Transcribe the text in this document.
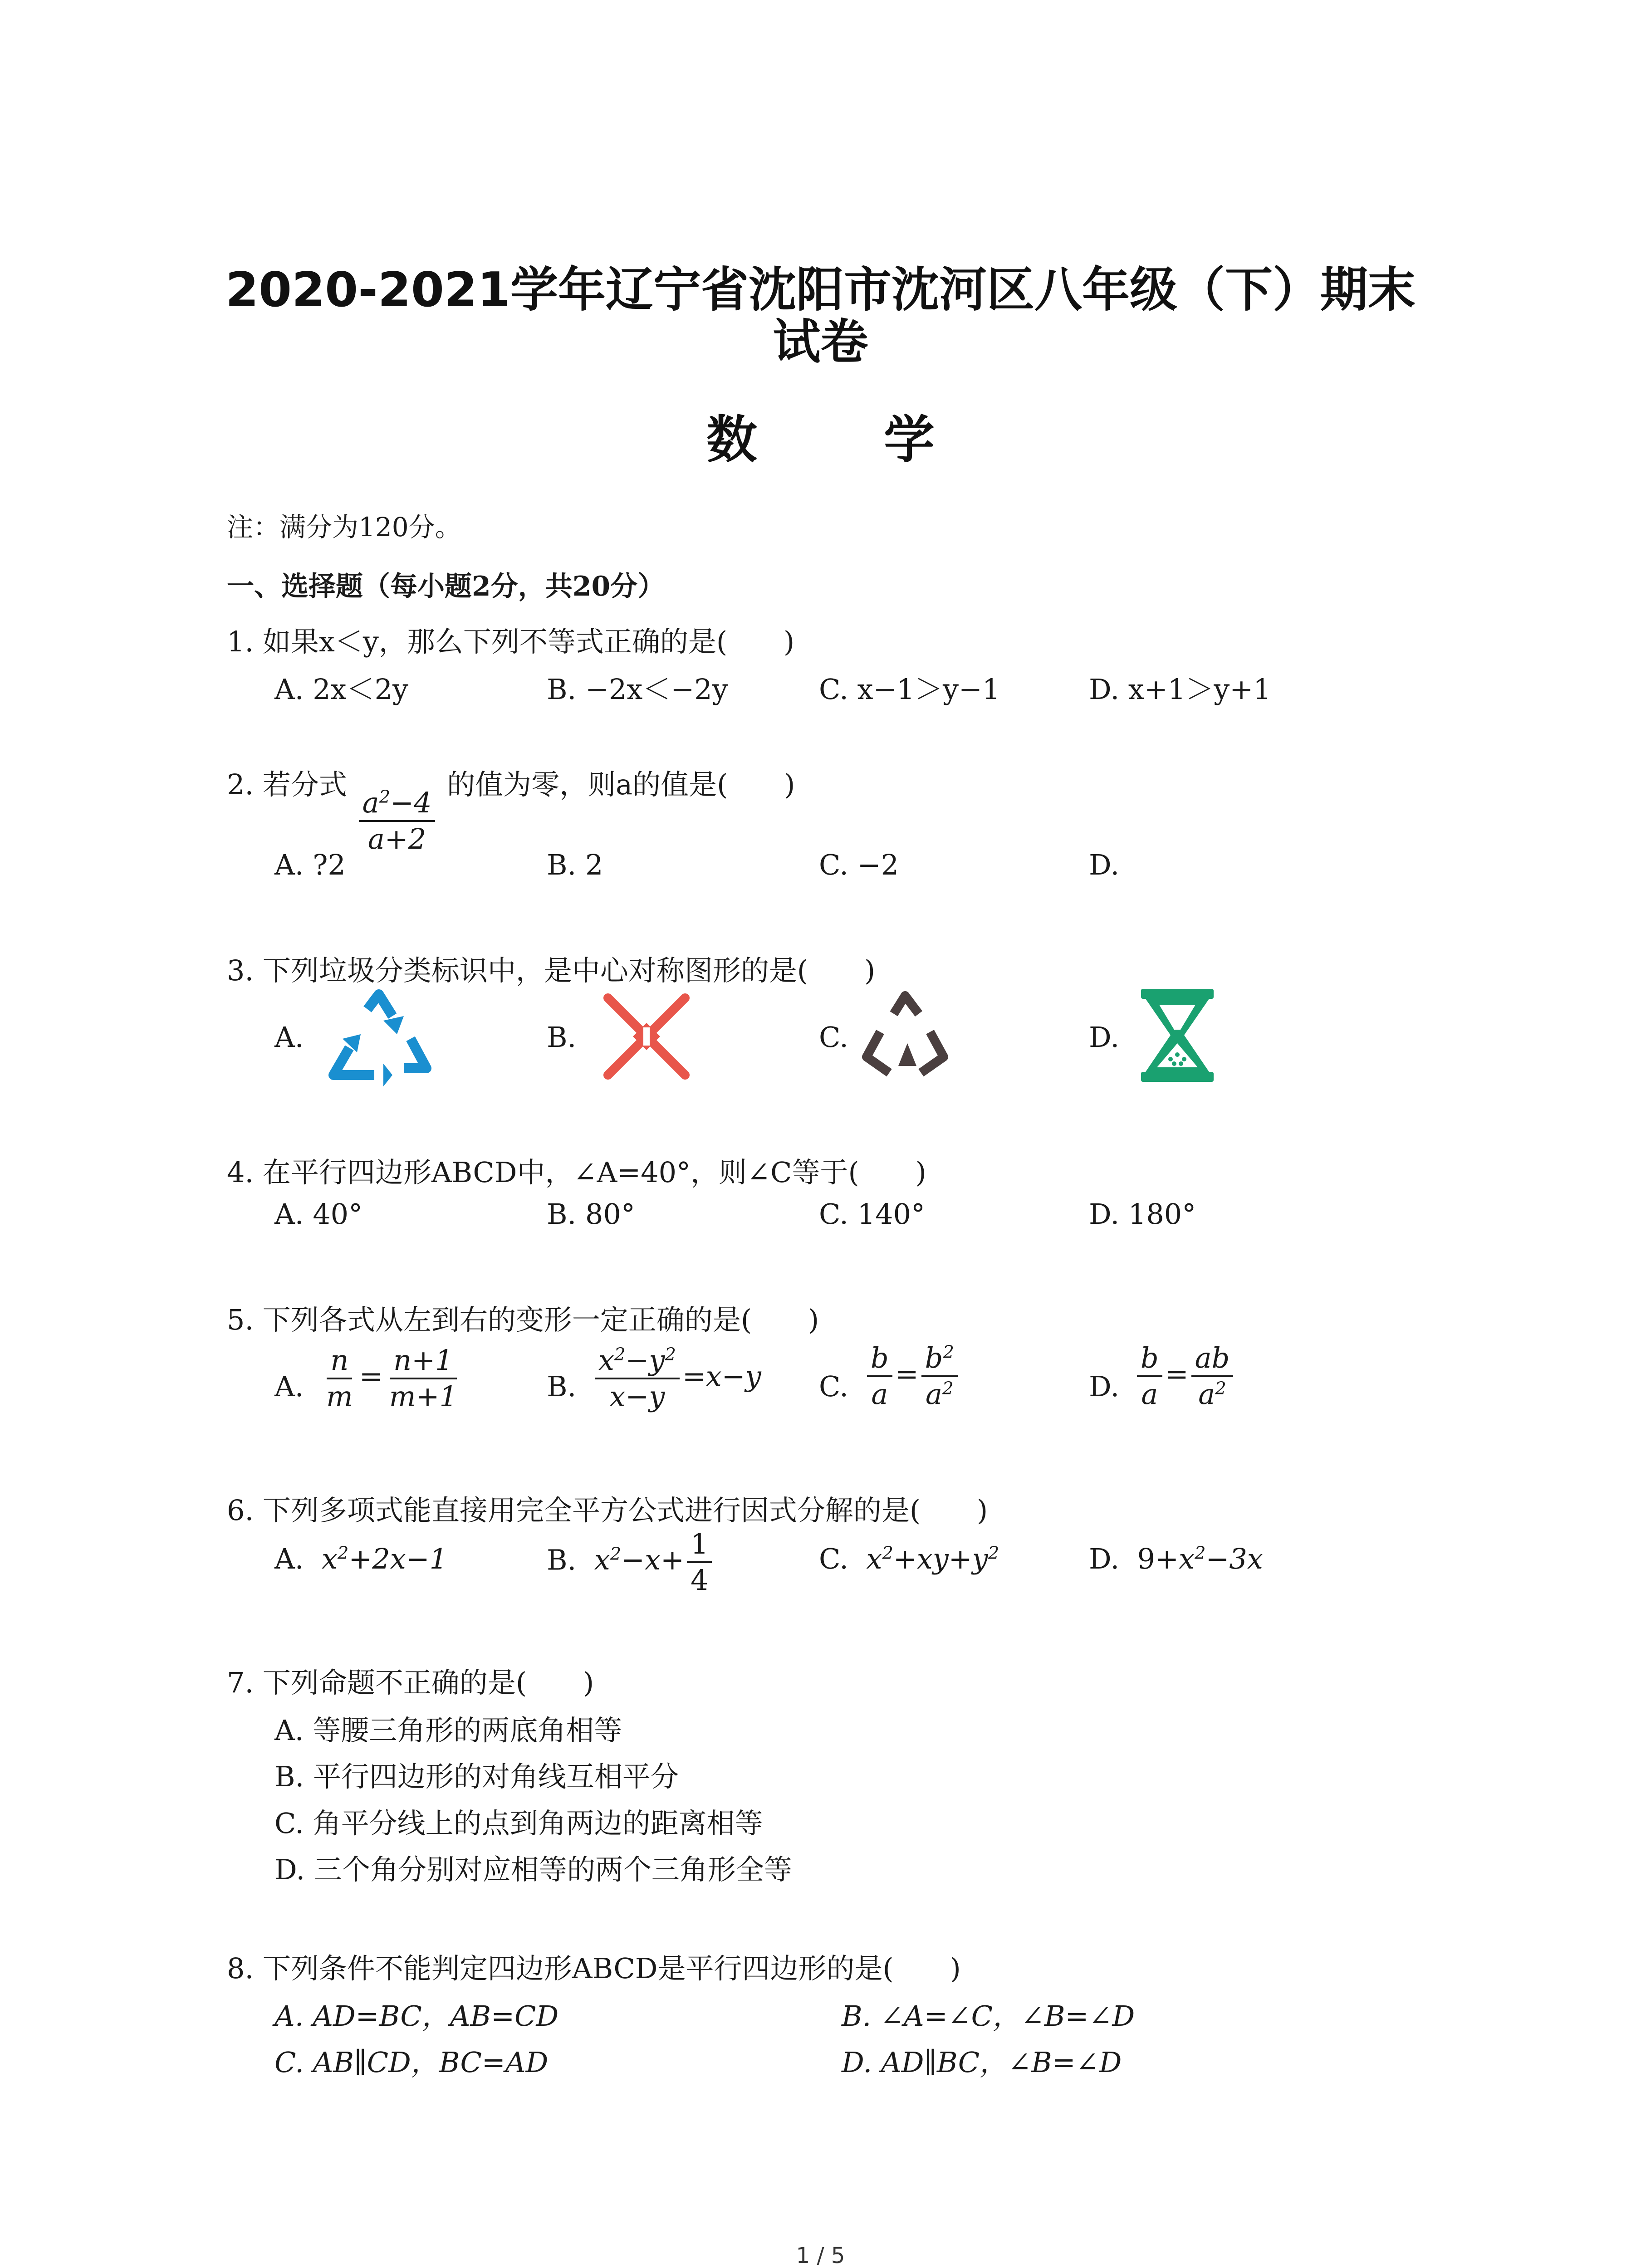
2020-2021学年辽宁省沈阳市沈河区八年级（下）期末
试卷
数 学
注：满分为120分。
一、选择题（每小题2分，共20分）
1. 如果x＜y，那么下列不等式正确的是(　　)
A. 2x＜2y	B. −2x＜−2y	C. x−1＞y−1	D. x+1＞y+1
2. 若分式
$\frac{a^2-4}{a+2}$
的值为零，则a的值是(　　)
A. ?2	B. 2	C. −2	D.
3. 下列垃圾分类标识中，是中心对称图形的是(　　)
A.	B.	C.	D.
4. 在平行四边形ABCD中，∠A=40°，则∠C等于(　　)
A. 40°	B. 80°	C. 140°	D. 180°
5. 下列各式从左到右的变形一定正确的是(　　)
A. $\frac{n}{m} = \frac{n+1}{m+1}$	B. $\frac{x^2-y^2}{x-y} =x-y$ C. $\frac{b}{a} = \frac{b^2}{a^2}$	D. $\frac{b}{a} = \frac{ab}{a^2}$
6. 下列多项式能直接用完全平方公式进行因式分解的是(　　)
A.  $x^2+2x-1$	B.  $x^2-x+ \frac{1}{4}$	C.  $x^2+xy+y^2$	D.  $9+x^2-3x$
7. 下列命题不正确的是(　　)
A. 等腰三角形的两底角相等
B. 平行四边形的对角线互相平分
C. 角平分线上的点到角两边的距离相等
D. 三个角分别对应相等的两个三角形全等
8. 下列条件不能判定四边形ABCD是平行四边形的是(　　)
A. AD=BC，AB=CD	B. ∠A=∠C，∠B=∠D
C. AB∥CD，BC=AD	D. AD∥BC，∠B=∠D
1 / 5
